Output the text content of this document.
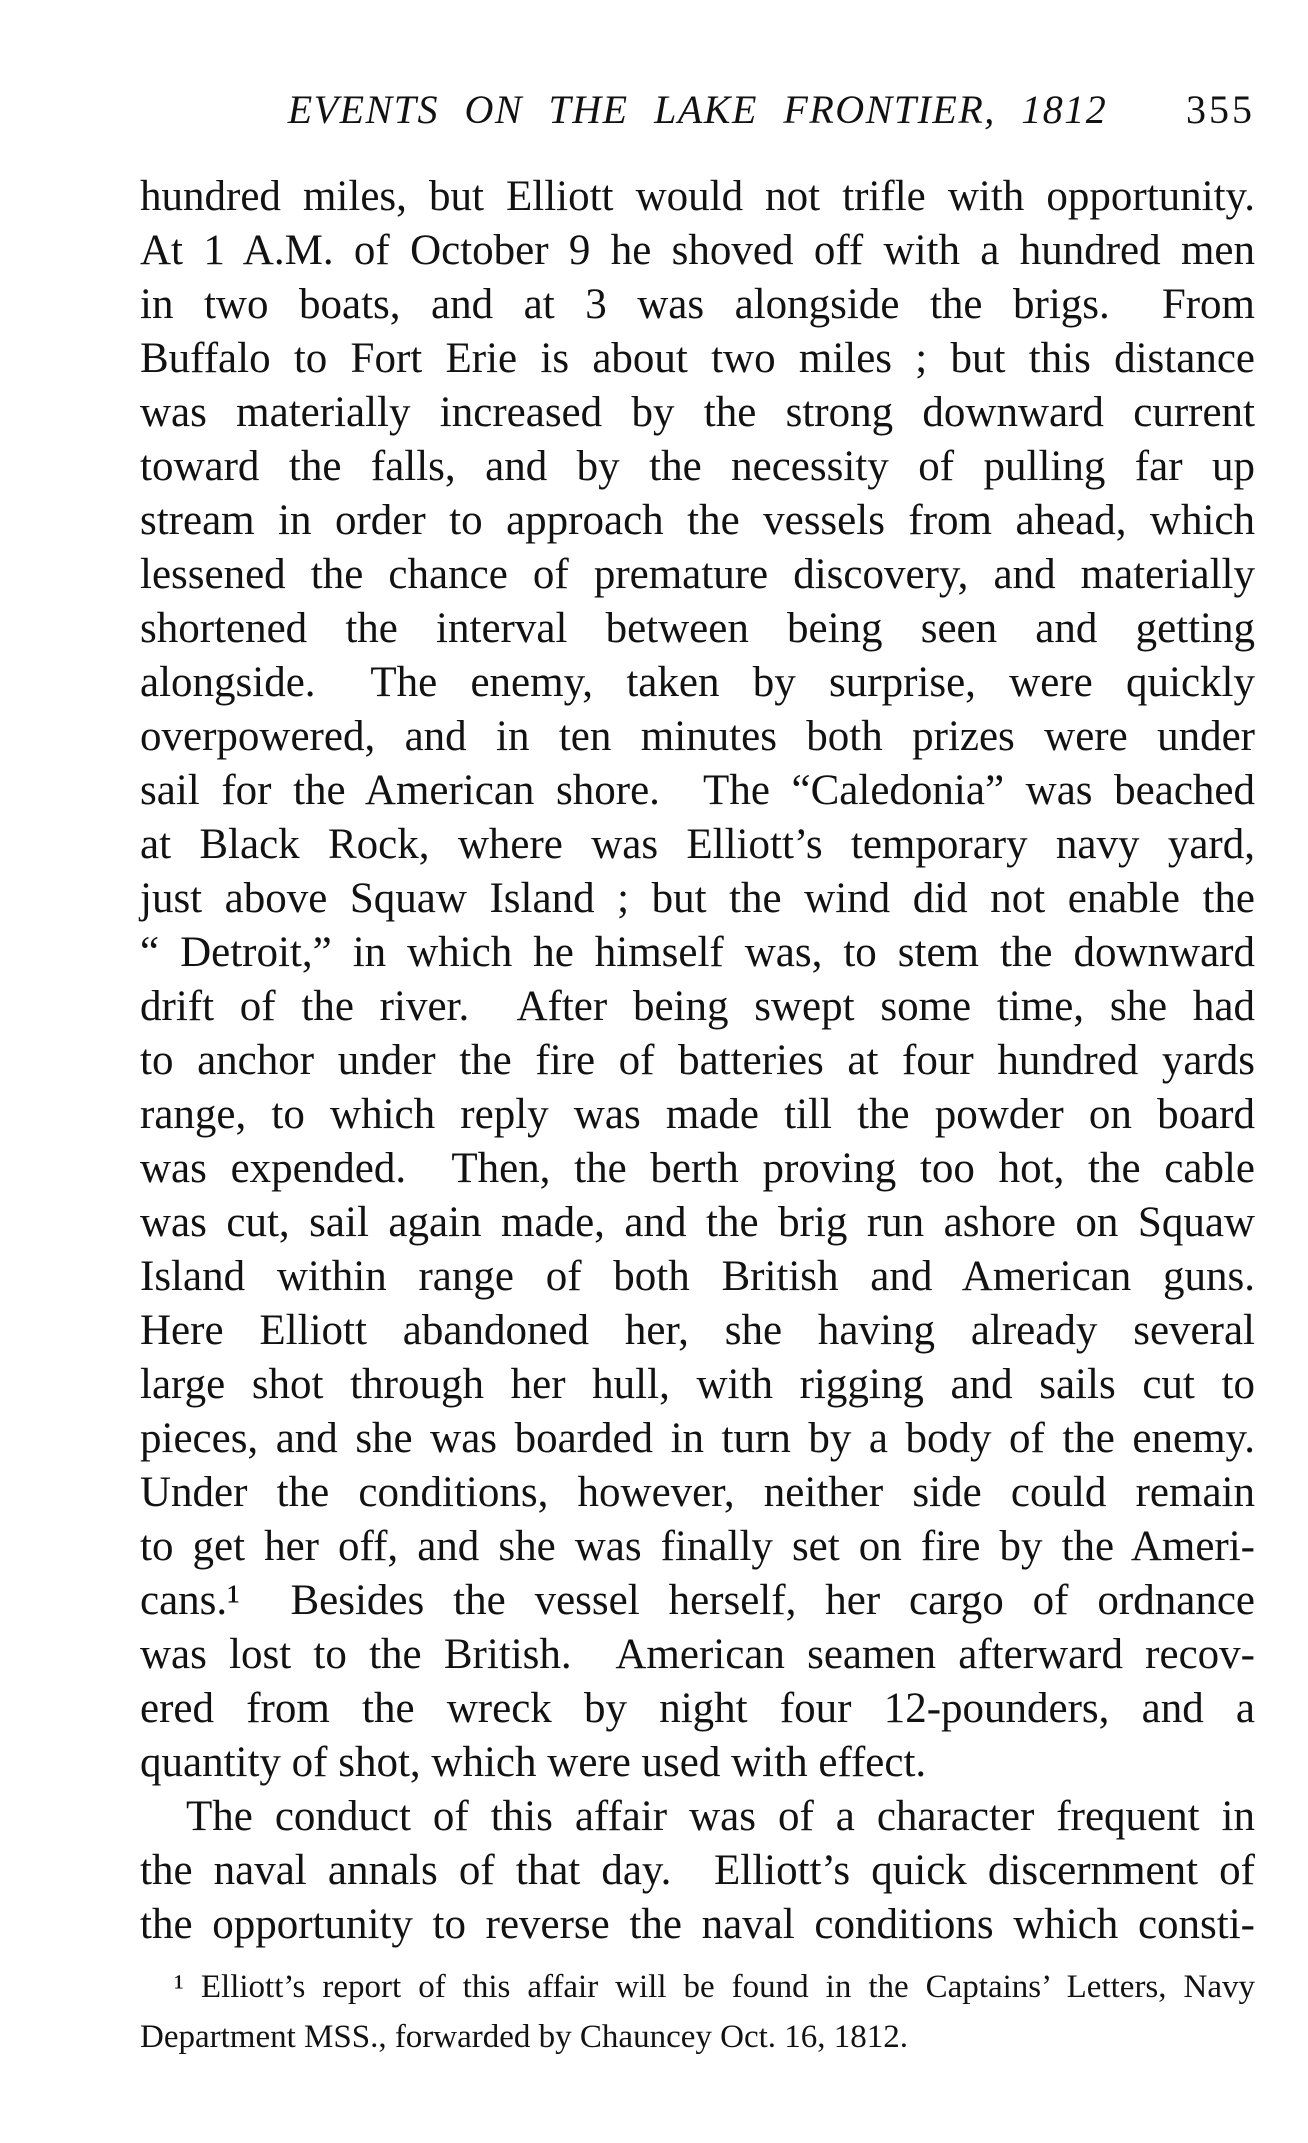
EVENTS ON THE LAKE FRONTIER, 1812 355
hundred miles, but Elliott would not trifle with opportunity.
At 1 A.M. of October 9 he shoved off with a hundred men
in two boats, and at 3 was alongside the brigs.  From
Buffalo to Fort Erie is about two miles ; but this distance
was materially increased by the strong downward current
toward the falls, and by the necessity of pulling far up
stream in order to approach the vessels from ahead, which
lessened the chance of premature discovery, and materially
shortened the interval between being seen and getting
alongside.  The enemy, taken by surprise, were quickly
overpowered, and in ten minutes both prizes were under
sail for the American shore.  The “Caledonia” was beached
at Black Rock, where was Elliott’s temporary navy yard,
just above Squaw Island ; but the wind did not enable the
“ Detroit,” in which he himself was, to stem the downward
drift of the river.  After being swept some time, she had
to anchor under the fire of batteries at four hundred yards
range, to which reply was made till the powder on board
was expended.  Then, the berth proving too hot, the cable
was cut, sail again made, and the brig run ashore on Squaw
Island within range of both British and American guns.
Here Elliott abandoned her, she having already several
large shot through her hull, with rigging and sails cut to
pieces, and she was boarded in turn by a body of the enemy.
Under the conditions, however, neither side could remain
to get her off, and she was finally set on fire by the Ameri-
cans.¹  Besides the vessel herself, her cargo of ordnance
was lost to the British.  American seamen afterward recov-
ered from the wreck by night four 12-pounders, and a
quantity of shot, which were used with effect.
The conduct of this affair was of a character frequent in
the naval annals of that day.  Elliott’s quick discernment of
the opportunity to reverse the naval conditions which consti-
¹ Elliott’s report of this affair will be found in the Captains’ Letters, Navy
Department MSS., forwarded by Chauncey Oct. 16, 1812.
